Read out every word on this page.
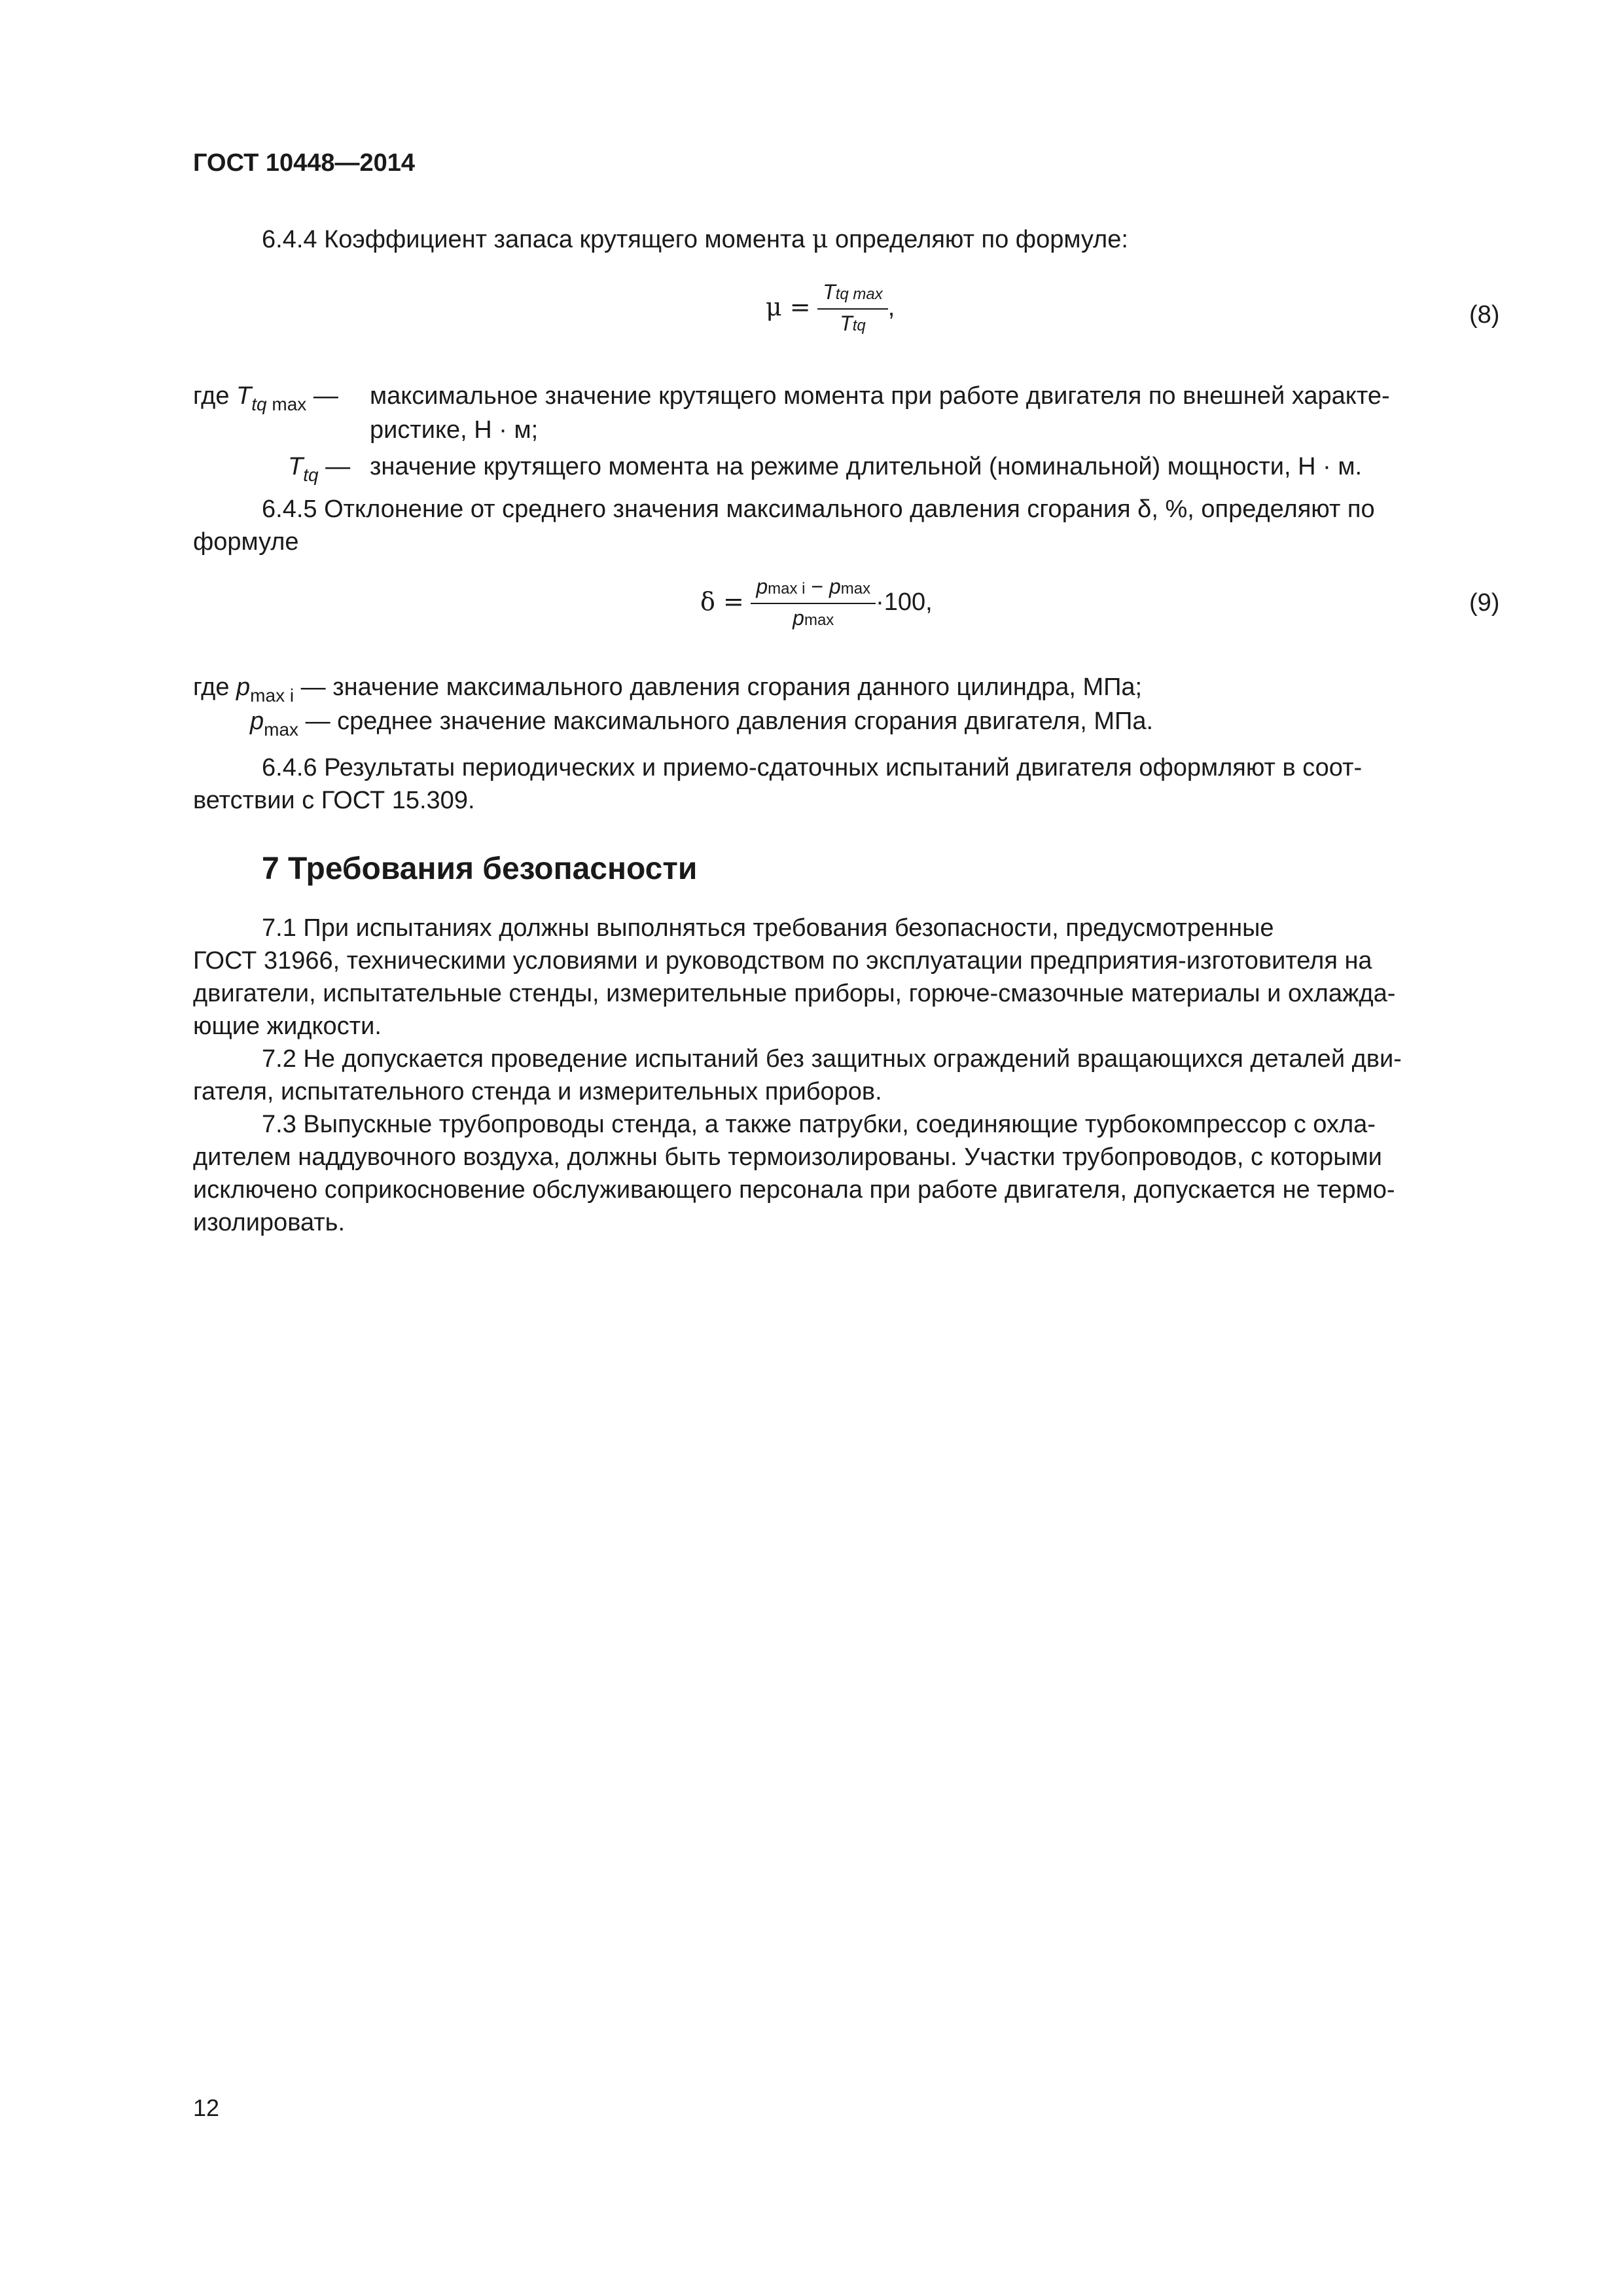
ГОСТ 10448—2014
6.4.4 Коэффициент запаса крутящего момента μ определяют по формуле:
$\mu = \frac{\text{Ttq max}}{\text{Ttq}}$ ,	(8)
где $T_{tq}$ $_{max}$ — максимальное значение крутящего момента при работе двигателя по внешней характе-
ристике, Н · м;
$T_{tq}$ — значение крутящего момента на режиме длительной (номинальной) мощности, Н · м.
6.4.5 Отклонение от среднего значения максимального давления сгорания δ, %, определяют по
формуле
$\delta = \frac{\text{pmax i − pmax}}{pmax} \cdot 100$,	(9)
где $p_{max i}$ — значение максимального давления сгорания данного цилиндра, МПа;
$p_{max}$ — среднее значение максимального давления сгорания двигателя, МПа.
6.4.6 Результаты периодических и приемо-сдаточных испытаний двигателя оформляют в соот-
ветствии с ГОСТ 15.309.
7 Требования безопасности
7.1 При испытаниях должны выполняться требования безопасности, предусмотренные
ГОСТ 31966, техническими условиями и руководством по эксплуатации предприятия-изготовителя на
двигатели, испытательные стенды, измерительные приборы, горюче-смазочные материалы и охлажда-
ющие жидкости.
7.2 Не допускается проведение испытаний без защитных ограждений вращающихся деталей дви-
гателя, испытательного стенда и измерительных приборов.
7.3 Выпускные трубопроводы стенда, а также патрубки, соединяющие турбокомпрессор с охла-
дителем наддувочного воздуха, должны быть термоизолированы. Участки трубопроводов, с которыми
исключено соприкосновение обслуживающего персонала при работе двигателя, допускается не термо-
изолировать.
12
